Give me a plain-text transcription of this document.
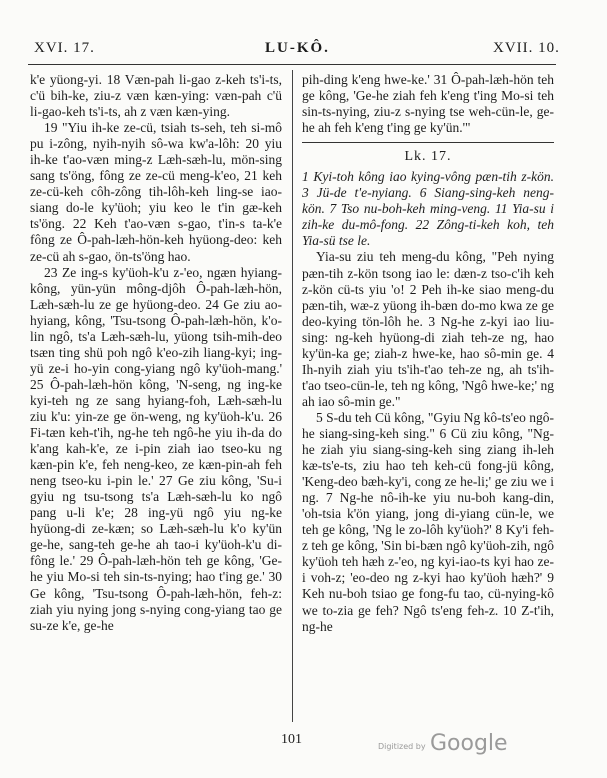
XVI. 17.	LU-KÔ.	XVII. 10.

k'e yüong-yi. 18 Væn-pah li-gao z-keh ts'i-ts, c'ü bih-ke, ziu-z væn kæn-ying: væn-pah c'ü li-gao-keh ts'i-ts, ah z væn kæn-ying.

19 "Yiu ih-ke ze-cü, tsiah ts-seh, teh si-mô pu i-zông, nyih-nyih sô-wa kw'a-lôh: 20 yiu ih-ke t'ao-væn ming-z Læh-sæh-lu, mön-sing sang ts'öng, fông ze ze-cü meng-k'eo, 21 keh ze-cü-keh côh-zông tih-lôh-keh ling-se iao-siang do-le ky'üoh; yiu keo le t'in gæ-keh ts'öng. 22 Keh t'ao-væn s-gao, t'in-s ta-k'e fông ze Ô-pah-læh-hön-keh hyüong-deo: keh ze-cü ah s-gao, ön-ts'öng hao.

23 Ze ing-s ky'üoh-k'u z-'eo, ngæn hyiang-kông, yün-yün mông-djôh Ô-pah-læh-hön, Læh-sæh-lu ze ge hyüong-deo. 24 Ge ziu ao-hyiang, kông, 'Tsu-tsong Ô-pah-læh-hön, k'o-lin ngô, ts'a Læh-sæh-lu, yüong tsih-mih-deo tsæn ting shü poh ngô k'eo-zih liang-kyi; ing-yü ze-i ho-yin cong-yiang ngô ky'üoh-mang.' 25 Ô-pah-læh-hön kông, 'N-seng, ng ing-ke kyi-teh ng ze sang hyiang-foh, Læh-sæh-lu ziu k'u: yin-ze ge ön-weng, ng ky'üoh-k'u. 26 Fi-tæn keh-t'ih, ng-he teh ngô-he yiu ih-da do k'ang kah-k'e, ze i-pin ziah iao tseo-ku ng kæn-pin k'e, feh neng-keo, ze kæn-pin-ah feh neng tseo-ku i-pin le.' 27 Ge ziu kông, 'Su-i gyiu ng tsu-tsong ts'a Læh-sæh-lu ko ngô pang u-li k'e; 28 ing-yü ngô yiu ng-ke hyüong-di ze-kæn; so Læh-sæh-lu k'o ky'ün ge-he, sang-teh ge-he ah tao-i ky'üoh-k'u di-fông le.' 29 Ô-pah-læh-hön teh ge kông, 'Ge-he yiu Mo-si teh sin-ts-nying; hao t'ing ge.' 30 Ge kông, 'Tsu-tsong Ô-pah-læh-hön, feh-z: ziah yiu nying jong s-nying cong-yiang tao ge su-ze k'e, ge-he

pih-ding k'eng hwe-ke.' 31 Ô-pah-læh-hön teh ge kông, 'Ge-he ziah feh k'eng t'ing Mo-si teh sin-ts-nying, ziu-z s-nying tse weh-cün-le, ge-he ah feh k'eng t'ing ge ky'ün.'"

Lk. 17.

1 Kyi-toh kông iao kying-vông pæn-tih z-kön. 3 Jü-de t'e-nyiang. 6 Siang-sing-keh neng-kön. 7 Tso nu-boh-keh ming-veng. 11 Yia-su i zih-ke du-mô-fong. 22 Zông-ti-keh koh, teh Yia-sü tse le.

Yia-su ziu teh meng-du kông, "Peh nying pæn-tih z-kön tsong iao le: dæn-z tso-c'ih keh z-kön cü-ts yiu 'o! 2 Peh ih-ke siao meng-du pæn-tih, wæ-z yüong ih-bæn do-mo kwa ze ge deo-kying tön-lôh he. 3 Ng-he z-kyi iao liu-sing: ng-keh hyüong-di ziah teh-ze ng, hao ky'ün-ka ge; ziah-z hwe-ke, hao sô-min ge. 4 Ih-nyih ziah yiu ts'ih-t'ao teh-ze ng, ah ts'ih-t'ao tseo-cün-le, teh ng kông, 'Ngô hwe-ke;' ng ah iao sô-min ge."

5 S-du teh Cü kông, "Gyiu Ng kô-ts'eo ngô-he siang-sing-keh sing." 6 Cü ziu kông, "Ng-he ziah yiu siang-sing-keh sing ziang ih-leh kæ-ts'e-ts, ziu hao teh keh-cü fong-jü kông, 'Keng-deo bæh-ky'i, cong ze he-li;' ge ziu we i ng. 7 Ng-he nô-ih-ke yiu nu-boh kang-din, 'oh-tsia k'ön yiang, jong di-yiang cün-le, we teh ge kông, 'Ng le zo-lôh ky'üoh?' 8 Ky'i feh-z teh ge kông, 'Sin bi-bæn ngô ky'üoh-zih, ngô ky'üoh teh hæh z-'eo, ng kyi-iao-ts kyi hao ze-i voh-z; 'eo-deo ng z-kyi hao ky'üoh hæh?' 9 Keh nu-boh tsiao ge fong-fu tao, cü-nying-kô we to-zia ge feh? Ngô ts'eng feh-z. 10 Z-t'ih, ng-he

101	Digitized by Google
